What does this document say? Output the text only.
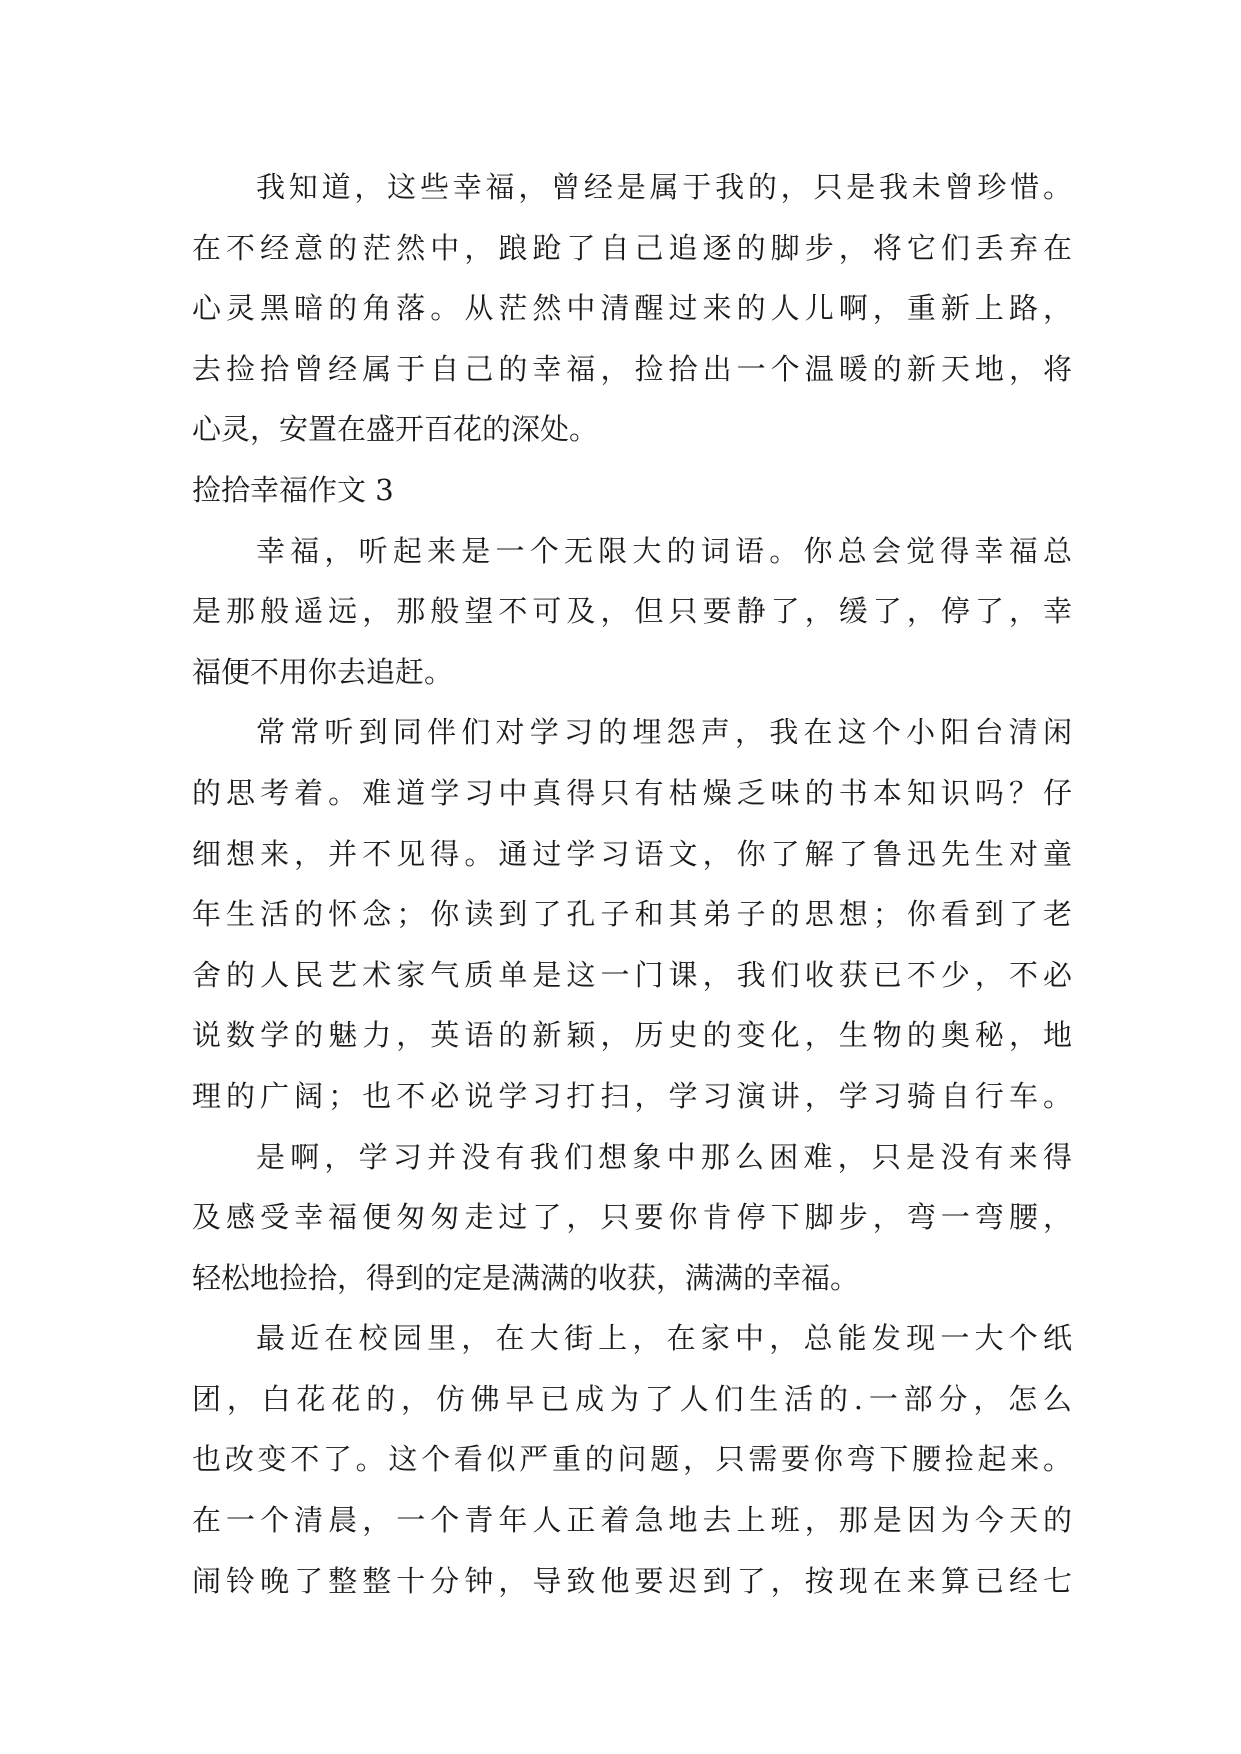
我知道，这些幸福，曾经是属于我的，只是我未曾珍惜。
在不经意的茫然中，踉跄了自己追逐的脚步，将它们丢弃在
心灵黑暗的角落。从茫然中清醒过来的人儿啊，重新上路，
去捡拾曾经属于自己的幸福，捡拾出一个温暖的新天地，将
心灵，安置在盛开百花的深处。
捡拾幸福作文 3
幸福，听起来是一个无限大的词语。你总会觉得幸福总
是那般遥远，那般望不可及，但只要静了，缓了，停了，幸
福便不用你去追赶。
常常听到同伴们对学习的埋怨声，我在这个小阳台清闲
的思考着。难道学习中真得只有枯燥乏味的书本知识吗？仔
细想来，并不见得。通过学习语文，你了解了鲁迅先生对童
年生活的怀念；你读到了孔子和其弟子的思想；你看到了老
舍的人民艺术家气质单是这一门课，我们收获已不少，不必
说数学的魅力，英语的新颖，历史的变化，生物的奥秘，地
理的广阔；也不必说学习打扫，学习演讲，学习骑自行车。
是啊，学习并没有我们想象中那么困难，只是没有来得
及感受幸福便匆匆走过了，只要你肯停下脚步，弯一弯腰，
轻松地捡拾，得到的定是满满的收获，满满的幸福。
最近在校园里，在大街上，在家中，总能发现一大个纸
团，白花花的，仿佛早已成为了人们生活的.一部分，怎么
也改变不了。这个看似严重的问题，只需要你弯下腰捡起来。
在一个清晨，一个青年人正着急地去上班，那是因为今天的
闹铃晚了整整十分钟，导致他要迟到了，按现在来算已经七
